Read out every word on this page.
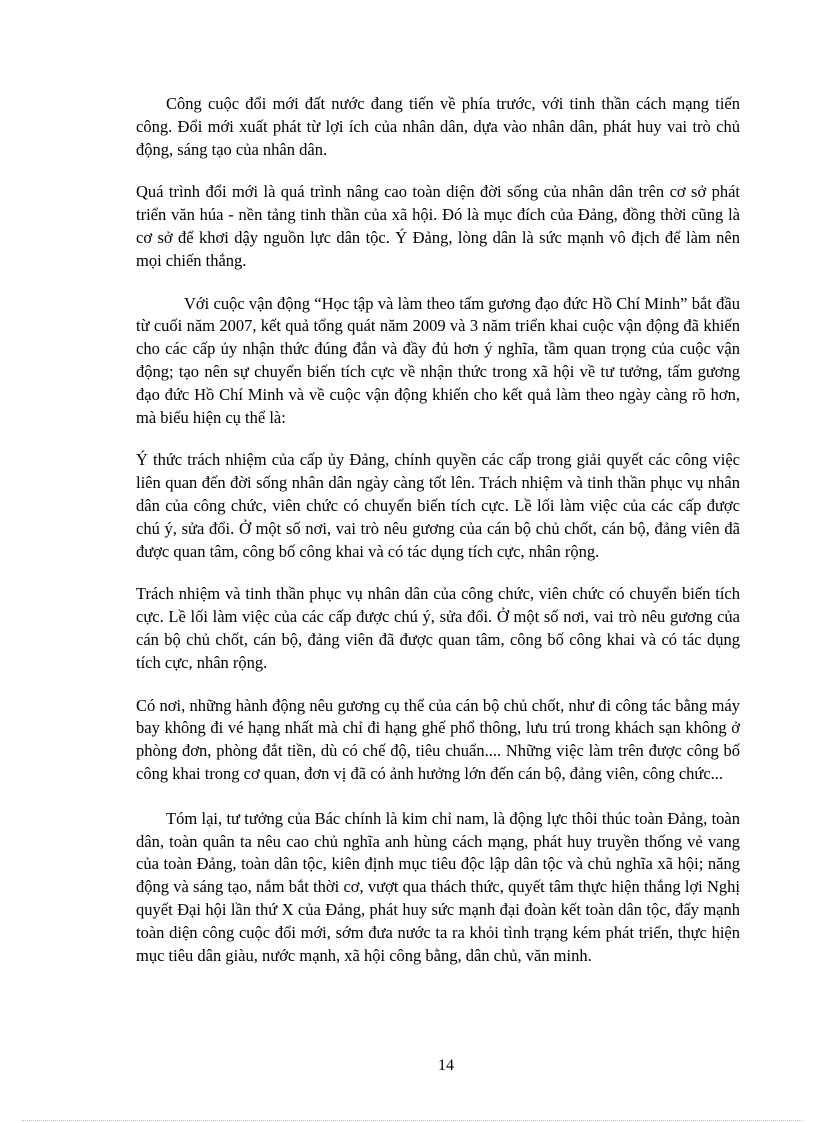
Công cuộc đổi mới đất nước đang tiến về phía trước, với tinh thần cách mạng tiến công. Đổi mới xuất phát từ lợi ích của nhân dân, dựa vào nhân dân, phát huy vai trò chủ động, sáng tạo của nhân dân.

Quá trình đổi mới là quá trình nâng cao toàn diện đời sống của nhân dân trên cơ sở phát triển văn húa - nền tảng tinh thần của xã hội. Đó là mục đích của Đảng, đồng thời cũng là cơ sở để khơi dậy nguồn lực dân tộc. Ý Đảng, lòng dân là sức mạnh vô địch để làm nên mọi chiến thắng.

Với cuộc vận động “Học tập và làm theo tấm gương đạo đức Hồ Chí Minh” bắt đầu từ cuối năm 2007, kết quả tổng quát năm 2009 và 3 năm triển khai cuộc vận động đã khiến cho các cấp ủy nhận thức đúng đắn và đầy đủ hơn ý nghĩa, tầm quan trọng của cuộc vận động; tạo nên sự chuyển biến tích cực về nhận thức trong xã hội về tư tưởng, tấm gương đạo đức Hồ Chí Minh và về cuộc vận động khiến cho kết quả làm theo ngày càng rõ hơn, mà biểu hiện cụ thể là:

Ý thức trách nhiệm của cấp ủy Đảng, chính quyền các cấp trong giải quyết các công việc liên quan đến đời sống nhân dân ngày càng tốt lên. Trách nhiệm và tinh thần phục vụ nhân dân của công chức, viên chức có chuyển biến tích cực. Lề lối làm việc của các cấp được chú ý, sửa đổi. Ở một số nơi, vai trò nêu gương của cán bộ chủ chốt, cán bộ, đảng viên đã được quan tâm, công bố công khai và có tác dụng tích cực, nhân rộng.

Trách nhiệm và tinh thần phục vụ nhân dân của công chức, viên chức có chuyển biến tích cực. Lề lối làm việc của các cấp được chú ý, sửa đổi. Ở một số nơi, vai trò nêu gương của cán bộ chủ chốt, cán bộ, đảng viên đã được quan tâm, công bố công khai và có tác dụng tích cực, nhân rộng.

Có nơi, những hành động nêu gương cụ thể của cán bộ chủ chốt, như đi công tác bằng máy bay không đi vé hạng nhất mà chỉ đi hạng ghế phổ thông, lưu trú trong khách sạn không ở phòng đơn, phòng đắt tiền, dù có chế độ, tiêu chuẩn.... Những việc làm trên được công bố công khai trong cơ quan, đơn vị đã có ảnh hưởng lớn đến cán bộ, đảng viên, công chức...

Tóm lại, tư tưởng của Bác chính là kim chỉ nam, là động lực thôi thúc toàn Đảng, toàn dân, toàn quân ta nêu cao chủ nghĩa anh hùng cách mạng, phát huy truyền thống vẻ vang của toàn Đảng, toàn dân tộc, kiên định mục tiêu độc lập dân tộc và chủ nghĩa xã hội; năng động và sáng tạo, nắm bắt thời cơ, vượt qua thách thức, quyết tâm thực hiện thắng lợi Nghị quyết Đại hội lần thứ X của Đảng, phát huy sức mạnh đại đoàn kết toàn dân tộc, đẩy mạnh toàn diện công cuộc đổi mới, sớm đưa nước ta ra khỏi tình trạng kém phát triển, thực hiện mục tiêu dân giàu, nước mạnh, xã hội công bằng, dân chủ, văn minh.

14
